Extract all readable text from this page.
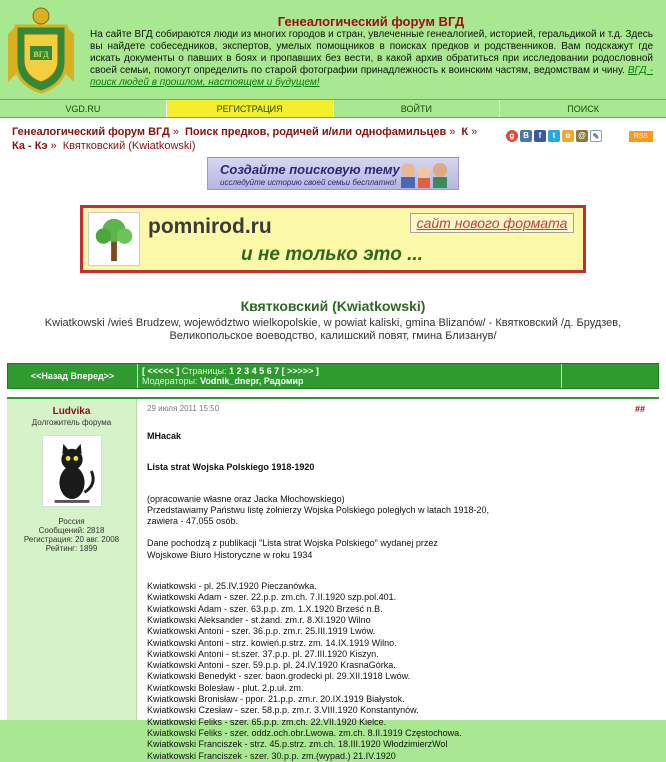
ВГД
Генеалогический форум ВГД
На сайте ВГД собираются люди из многих городов и стран, увлеченные генеалогией, историей, геральдикой и т.д. Здесь вы найдете собеседников, экспертов, умелых помощников в поисках предков и родственников. Вам подскажут где искать документы о павших в боях и пропавших без вести, в какой архив обратиться при исследовании родословной своей семьи, помогут определить по старой фотографии принадлежность к воинским частям, ведомствам и чину. ВГД - поиск людей в прошлом, настоящем и будущем!
VGD.RU	РЕГИСТРАЦИЯ	ВОЙТИ	ПОИСК
Генеалогический форум ВГД » Поиск предков, родичей и/или однофамильцев » К » Ка - Кэ » Квятковский (Kwiatkowski)
g	B	f	t	о @ ✎	RSS
Создайте поисковую тему
исследуйте историю своей семьи бесплатно!
pomnirod.ru	сайт нового формата
и не только это ...
Квятковский (Kwiatkowski)
Kwiatkowski /wieś Brudzew, województwo wielkopolskie, w powiat kaliski, gmina Blizanów/ - Квятковский /д. Брудзев, Великопольское воеводство, калишский повят, гмина Близанув/
<<Назад Вперед>>	[ <<<<< ] Страницы: 1 2 3 4 5 6 7 [ >>>>> ]
Модераторы: Vodnik_dnepr, Радомир
Ludvika
Долгожитель форума
Россия
Сообщений: 2818
Регистрация: 20 авг. 2008
Рейтинг: 1899
29 июля 2011 15:50	##
MHacak
Lista strat Wojska Polskiego 1918-1920
(opracowanie własne oraz Jacka Młochowskiego)
Przedstawiamy Państwu listę żołnierzy Wojska Polskiego poległych w latach 1918-20,
zawiera - 47.055 osób.
Dane pochodzą z publikacji "Lista strat Wojska Polskiego" wydanej przez
Wojskowe Biuro Historyczne w roku 1934
Kwiatkowski - pl. 25.IV.1920 Pieczanówka.
Kwiatkowski Adam - szer. 22.p.p. zm.ch. 7.II.1920 szp.pol.401.
Kwiatkowski Adam - szer. 63.p.p. zm. 1.X.1920 Brześć n.B.
Kwiatkowski Aleksander - st.żand. zm.r. 8.XI.1920 Wilno
Kwiatkowski Antoni - szer. 36.p.p. zm.r. 25.III.1919 Lwów.
Kwiatkowski Antoni - strz. kowień.p.strz. zm. 14.IX.1919 Wilno.
Kwiatkowski Antoni - st.szer. 37.p.p. pl. 27.III.1920 Kiszyn.
Kwiatkowski Antoni - szer. 59.p.p. pl. 24.IV.1920 KrasnaGórka.
Kwiatkowski Benedykt - szer. baon.grodecki pl. 29.XII.1918 Lwów.
Kwiatkowski Bolesław - plut. 2.p.uł. zm.
Kwiatkowski Bronisław - ppor. 21.p.p. zm.r. 20.IX.1919 Białystok.
Kwiatkowski Czesław - szer. 58.p.p. zm.r. 3.VIII.1920 Konstantynów.
Kwiatkowski Feliks - szer. 65.p.p. zm.ch. 22.VII.1920 Kielce.
Kwiatkowski Feliks - szer. oddz.och.obr.Lwowa. zm.ch. 8.II.1919 Częstochowa.
Kwiatkowski Franciszek - strz. 45.p.strz. zm.ch. 18.III.1920 WłodzimierzWol
Kwiatkowski Franciszek - szer. 30.p.p. zm.(wypad.) 21.IV.1920
